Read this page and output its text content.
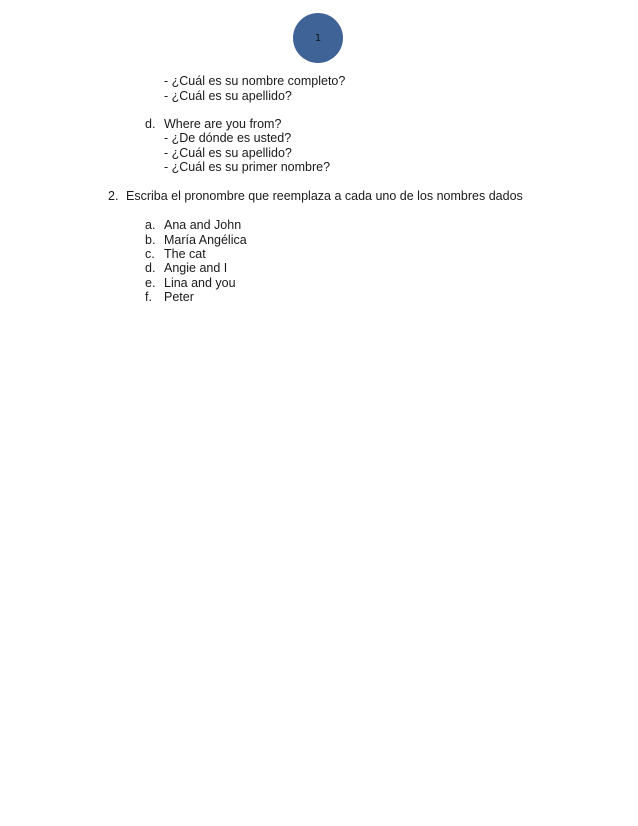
1
- ¿Cuál es su nombre completo?
- ¿Cuál es su apellido?
d. Where are you from?
- ¿De dónde es usted?
- ¿Cuál es su apellido?
- ¿Cuál es su primer nombre?
2. Escriba el pronombre que reemplaza a cada uno de los nombres dados
a. Ana and John
b. María Angélica
c. The cat
d. Angie and I
e. Lina and you
f. Peter
